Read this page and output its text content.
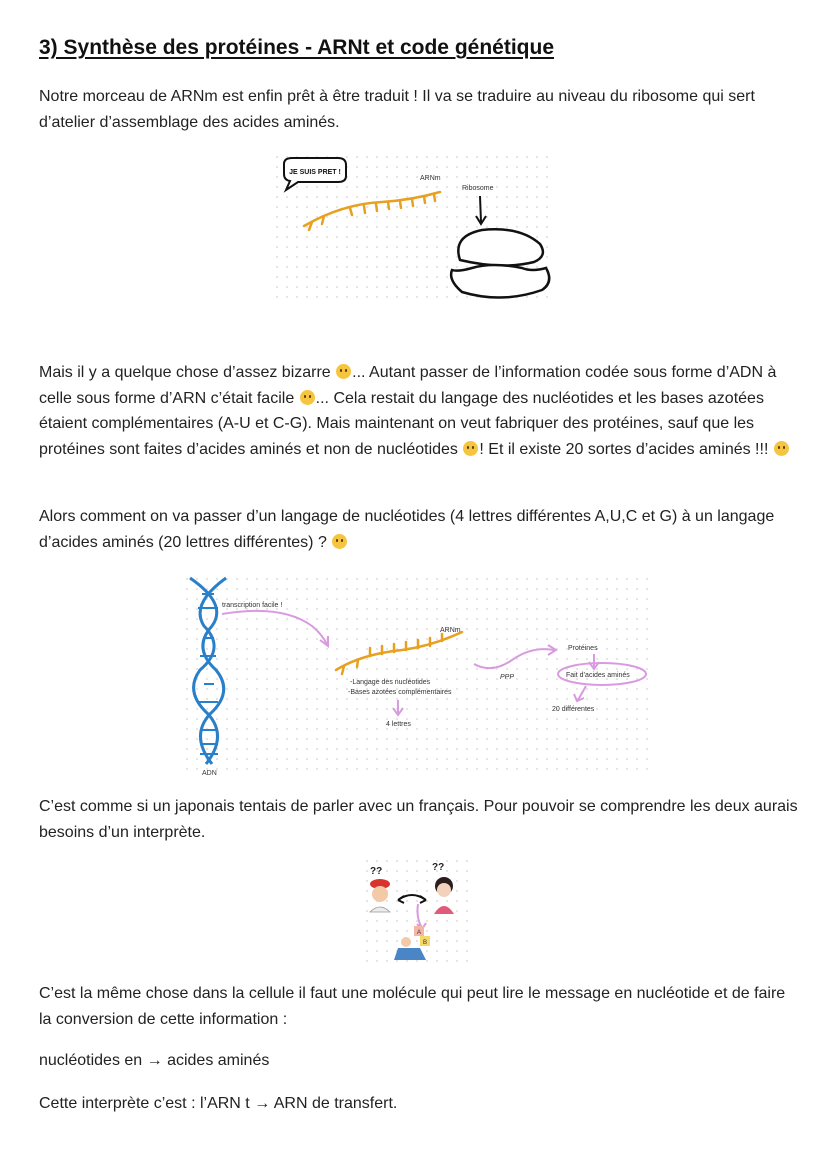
3) Synthèse des protéines - ARNt et code génétique

Notre morceau de ARNm est enfin prêt à être traduit ! Il va se traduire au niveau du ribosome qui sert d’atelier d’assemblage des acides aminés.

JE SUIS PRET !
ARNm
Ribosome

Mais il y a quelque chose d’assez bizarre ... Autant passer de l’information codée sous forme d’ADN à celle sous forme d’ARN c’était facile ... Cela restait du langage des nucléotides et les bases azotées étaient complémentaires (A-U et C-G). Mais maintenant on veut fabriquer des protéines, sauf que les protéines sont faites d’acides aminés et non de nucléotides ! Et il existe 20 sortes d’acides aminés !!!

Alors comment on va passer d’un langage de nucléotides (4 lettres différentes A,U,C et G) à un langage d’acides aminés (20 lettres différentes) ?

transcription facile !
ARNm
-Langage des nucléotides
-Bases azotées complémentaires
4 lettres
PPP
Protéines
Fait d’acides aminés
20 différentes
ADN

C’est comme si un japonais tentais de parler avec un français. Pour pouvoir se comprendre les deux aurais besoins d’un interprète.

??	??
A
B

C’est la même chose dans la cellule il faut une molécule qui peut lire le message en nucléotide et de faire la conversion de cette information :

nucléotides en → acides aminés

Cette interprète c’est : l’ARN t → ARN de transfert.
